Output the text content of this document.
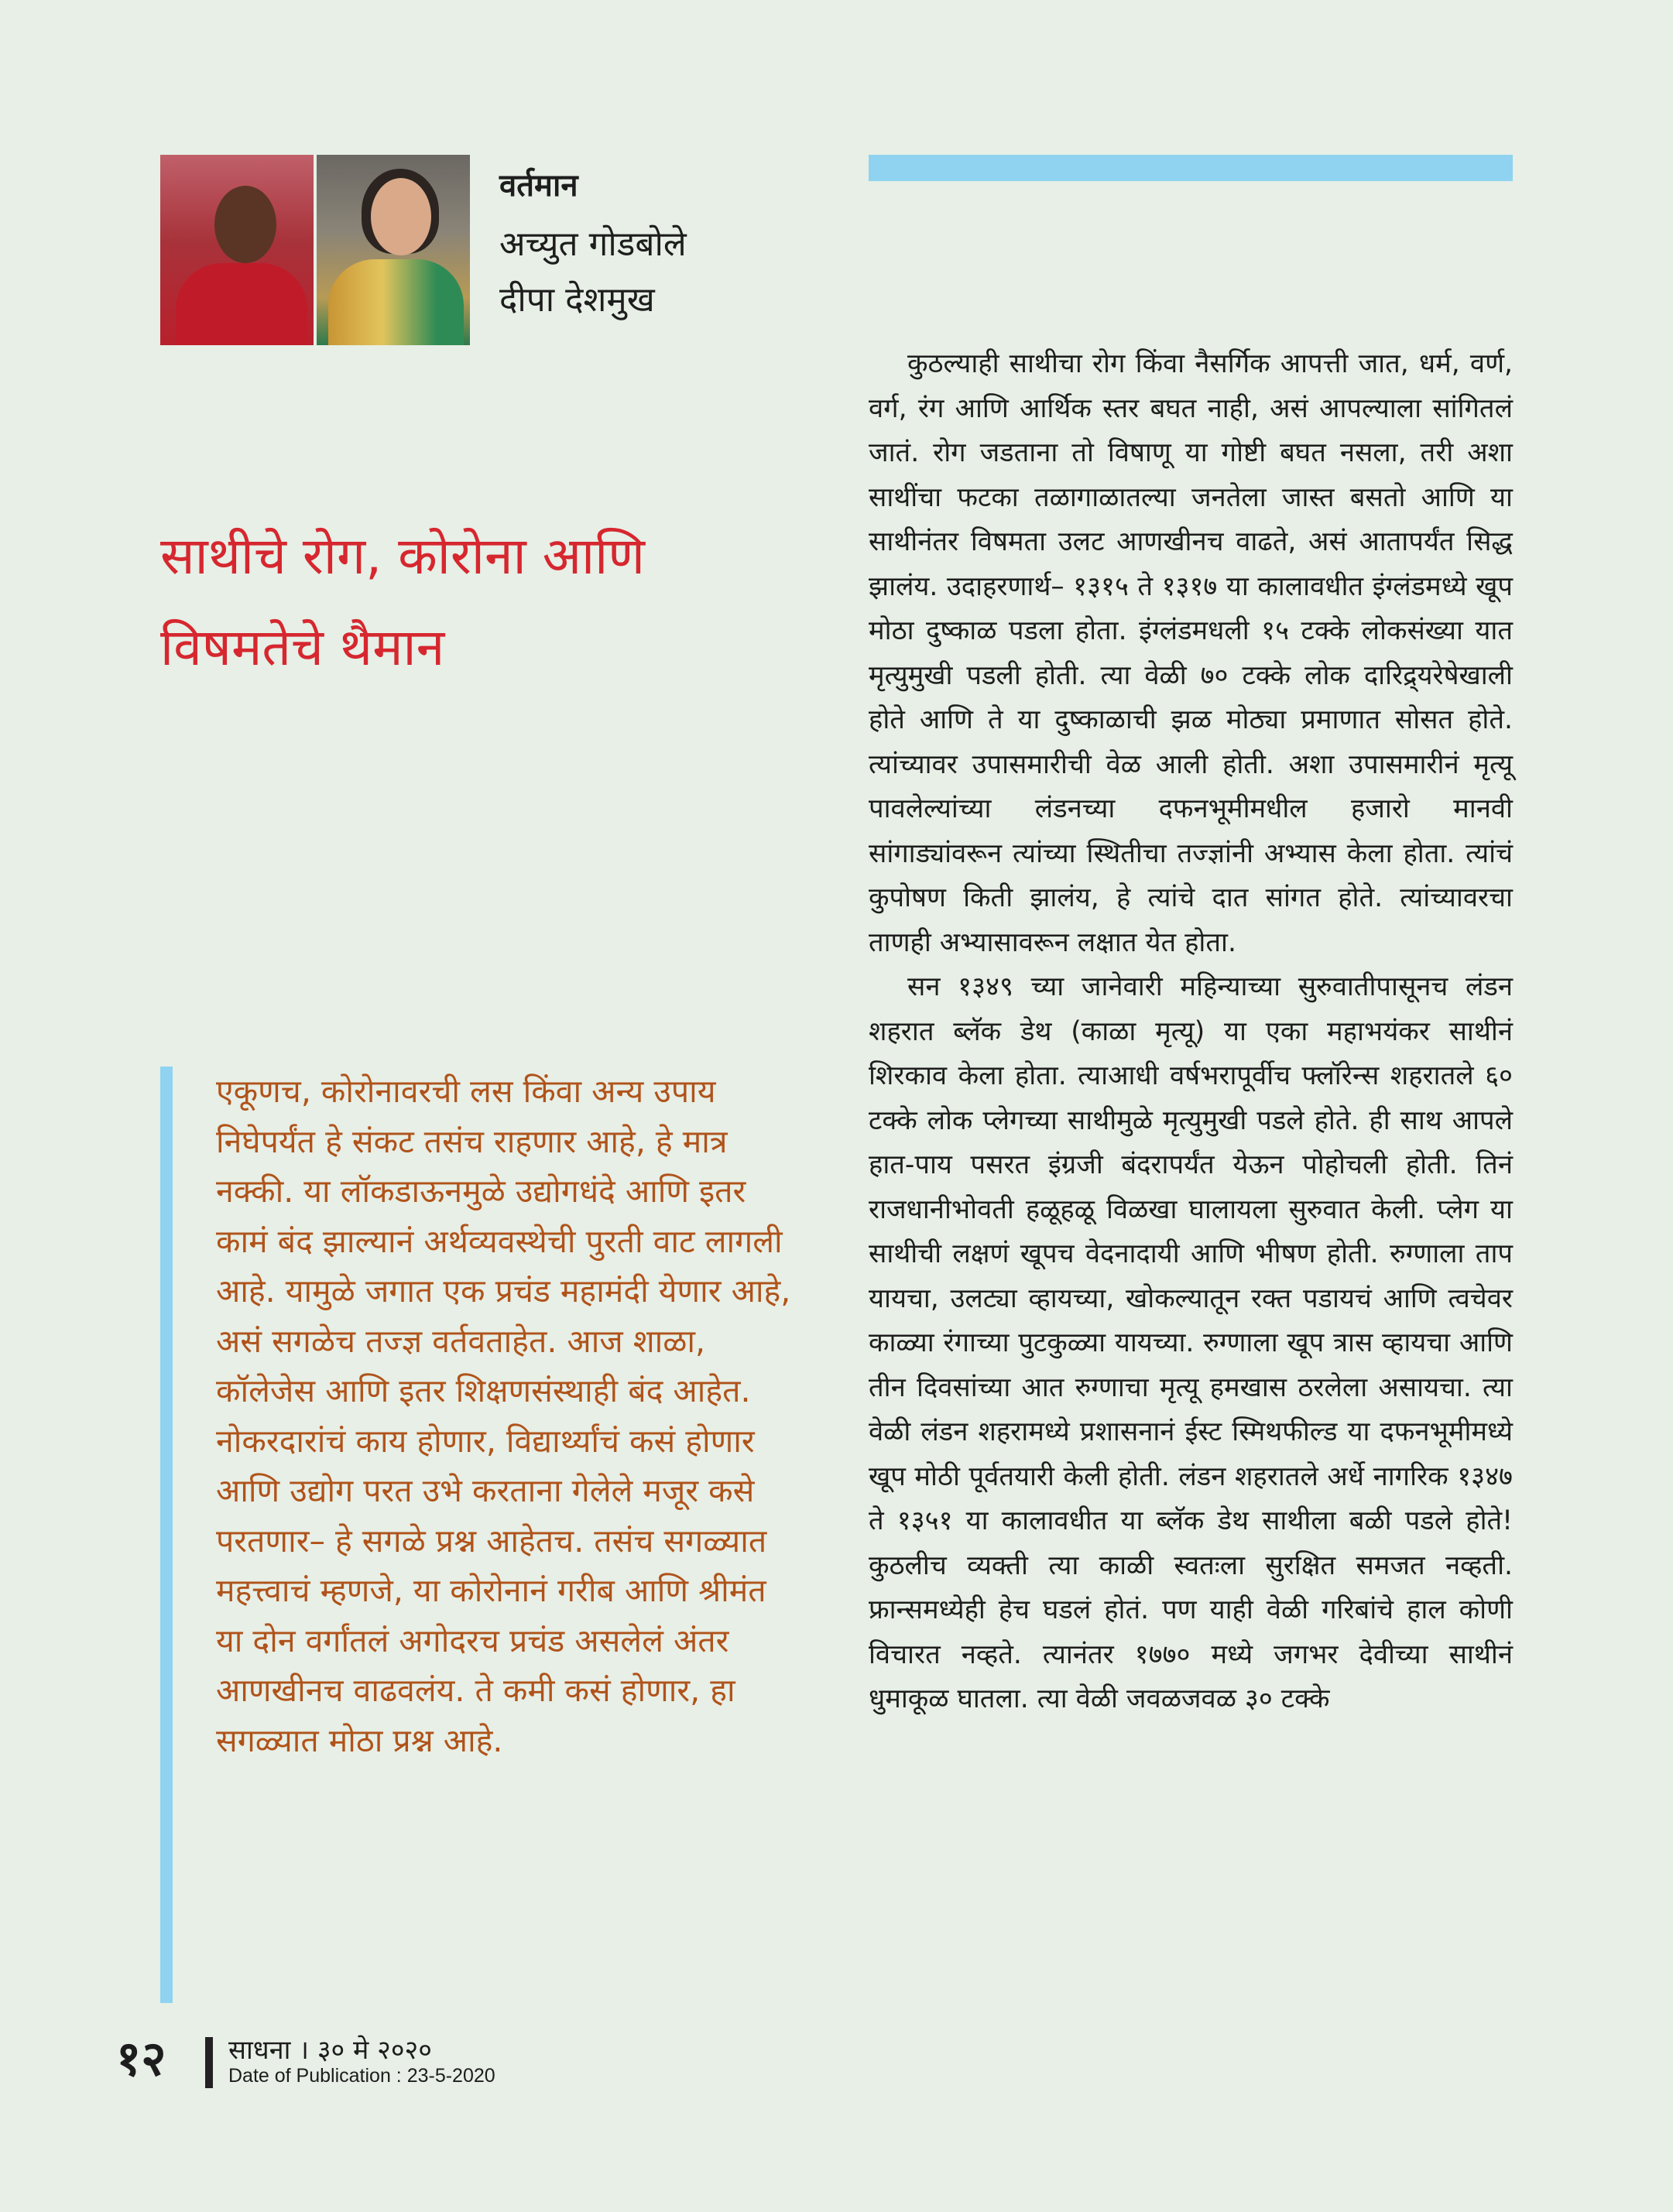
वर्तमान
अच्युत गोडबोले
दीपा देशमुख
साथीचे रोग, कोरोना आणि
विषमतेचे थैमान

एकूणच, कोरोनावरची लस किंवा अन्य उपाय निघेपर्यंत हे संकट तसंच राहणार आहे, हे मात्र नक्की. या लॉकडाऊनमुळे उद्योगधंदे आणि इतर कामं बंद झाल्यानं अर्थव्यवस्थेची पुरती वाट लागली आहे. यामुळे जगात एक प्रचंड महामंदी येणार आहे, असं सगळेच तज्ज्ञ वर्तवताहेत. आज शाळा, कॉलेजेस आणि इतर शिक्षणसंस्थाही बंद आहेत. नोकरदारांचं काय होणार, विद्यार्थ्यांचं कसं होणार आणि उद्योग परत उभे करताना गेलेले मजूर कसे परतणार– हे सगळे प्रश्न आहेतच. तसंच सगळ्यात महत्त्वाचं म्हणजे, या कोरोनानं गरीब आणि श्रीमंत या दोन वर्गांतलं अगोदरच प्रचंड असलेलं अंतर आणखीनच वाढवलंय. ते कमी कसं होणार, हा सगळ्यात मोठा प्रश्न आहे.

कुठल्याही साथीचा रोग किंवा नैसर्गिक आपत्ती जात, धर्म, वर्ण, वर्ग, रंग आणि आर्थिक स्तर बघत नाही, असं आपल्याला सांगितलं जातं. रोग जडताना तो विषाणू या गोष्टी बघत नसला, तरी अशा साथींचा फटका तळागाळातल्या जनतेला जास्त बसतो आणि या साथीनंतर विषमता उलट आणखीनच वाढते, असं आतापर्यंत सिद्ध झालंय. उदाहरणार्थ– १३१५ ते १३१७ या कालावधीत इंग्लंडमध्ये खूप मोठा दुष्काळ पडला होता. इंग्लंडमधली १५ टक्के लोकसंख्या यात मृत्युमुखी पडली होती. त्या वेळी ७० टक्के लोक दारिद्र्यरेषेखाली होते आणि ते या दुष्काळाची झळ मोठ्या प्रमाणात सोसत होते. त्यांच्यावर उपासमारीची वेळ आली होती. अशा उपासमारीनं मृत्यू पावलेल्यांच्या लंडनच्या दफनभूमीमधील हजारो मानवी सांगाड्यांवरून त्यांच्या स्थितीचा तज्ज्ञांनी अभ्यास केला होता. त्यांचं कुपोषण किती झालंय, हे त्यांचे दात सांगत होते. त्यांच्यावरचा ताणही अभ्यासावरून लक्षात येत होता.

सन १३४९ च्या जानेवारी महिन्याच्या सुरुवातीपासूनच लंडन शहरात ब्लॅक डेथ (काळा मृत्यू) या एका महाभयंकर साथीनं शिरकाव केला होता. त्याआधी वर्षभरापूर्वीच फ्लॉरेन्स शहरातले ६० टक्के लोक प्लेगच्या साथीमुळे मृत्युमुखी पडले होते. ही साथ आपले हात-पाय पसरत इंग्रजी बंदरापर्यंत येऊन पोहोचली होती. तिनं राजधानीभोवती हळूहळू विळखा घालायला सुरुवात केली. प्लेग या साथीची लक्षणं खूपच वेदनादायी आणि भीषण होती. रुग्णाला ताप यायचा, उलट्या व्हायच्या, खोकल्यातून रक्त पडायचं आणि त्वचेवर काळ्या रंगाच्या पुटकुळ्या यायच्या. रुग्णाला खूप त्रास व्हायचा आणि तीन दिवसांच्या आत रुग्णाचा मृत्यू हमखास ठरलेला असायचा. त्या वेळी लंडन शहरामध्ये प्रशासनानं ईस्ट स्मिथफील्ड या दफनभूमीमध्ये खूप मोठी पूर्वतयारी केली होती. लंडन शहरातले अर्धे नागरिक १३४७ ते १३५१ या कालावधीत या ब्लॅक डेथ साथीला बळी पडले होते! कुठलीच व्यक्ती त्या काळी स्वतःला सुरक्षित समजत नव्हती. फ्रान्समध्येही हेच घडलं होतं. पण याही वेळी गरिबांचे हाल कोणी विचारत नव्हते. त्यानंतर १७७० मध्ये जगभर देवीच्या साथीनं धुमाकूळ घातला. त्या वेळी जवळजवळ ३० टक्के

१२ साधना । ३० मे २०२०
Date of Publication : 23-5-2020
